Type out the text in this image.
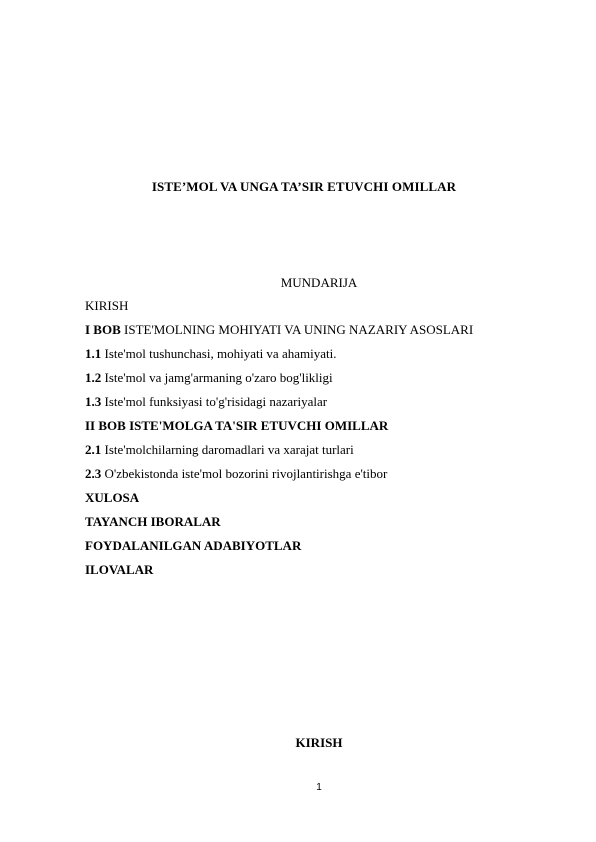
ISTE’MOL VA UNGA TA’SIR ETUVCHI OMILLAR
MUNDARIJA
KIRISH
I BOB ISTE'MOLNING MOHIYATI VA UNING NAZARIY ASOSLARI
1.1 Iste'mol tushunchasi, mohiyati va ahamiyati.
1.2 Iste'mol va jamg'armaning o'zaro bog'likligi
1.3 Iste'mol funksiyasi to'g'risidagi nazariyalar
II BOB ISTE'MOLGA TA'SIR ETUVCHI OMILLAR
2.1 Iste'molchilarning daromadlari va xarajat turlari
2.3 O'zbekistonda iste'mol bozorini rivojlantirishga e'tibor
XULOSA
TAYANCH IBORALAR
FOYDALANILGAN ADABIYOTLAR
ILOVALAR
KIRISH
1
